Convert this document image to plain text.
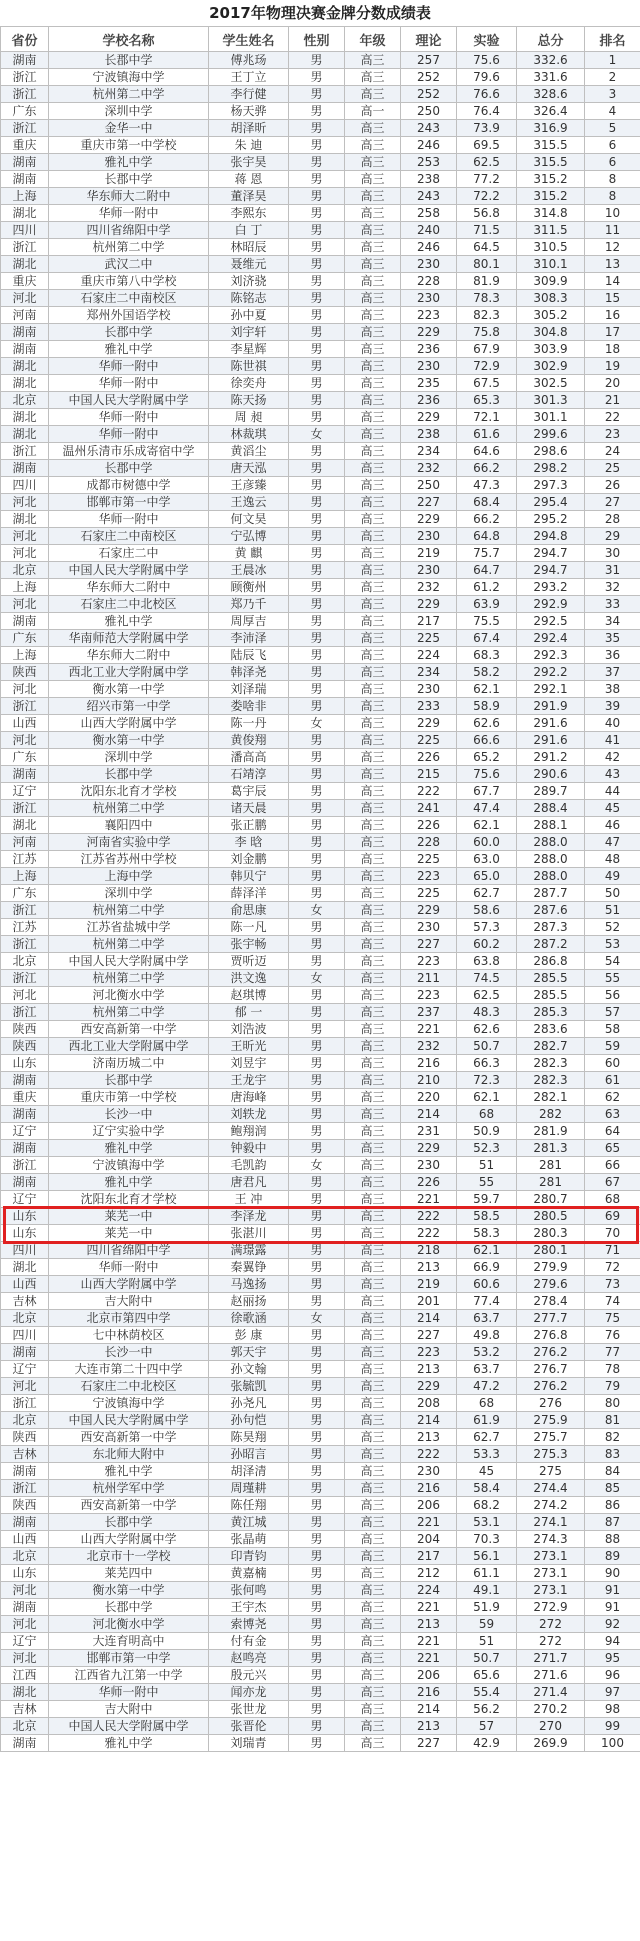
2017年物理决赛金牌分数成绩表
省份	学校名称	学生姓名	性别	年级	理论	实验	总分	排名
湖南	长郡中学	傅兆玚	男	高三	257	75.6	332.6	1
浙江	宁波镇海中学	王丁立	男	高三	252	79.6	331.6	2
浙江	杭州第二中学	李行健	男	高三	252	76.6	328.6	3
广东	深圳中学	杨天骅	男	高一	250	76.4	326.4	4
浙江	金华一中	胡泽昕	男	高三	243	73.9	316.9	5
重庆	重庆市第一中学校	朱 迪	男	高三	246	69.5	315.5	6
湖南	雅礼中学	张宇昊	男	高三	253	62.5	315.5	6
湖南	长郡中学	蒋 恩	男	高三	238	77.2	315.2	8
上海	华东师大二附中	董泽昊	男	高三	243	72.2	315.2	8
湖北	华师一附中	李熙东	男	高三	258	56.8	314.8	10
四川	四川省绵阳中学	白 丁	男	高三	240	71.5	311.5	11
浙江	杭州第二中学	林昭辰	男	高三	246	64.5	310.5	12
湖北	武汉二中	聂维元	男	高三	230	80.1	310.1	13
重庆	重庆市第八中学校	刘济骁	男	高三	228	81.9	309.9	14
河北	石家庄二中南校区	陈铭志	男	高三	230	78.3	308.3	15
河南	郑州外国语学校	孙中夏	男	高三	223	82.3	305.2	16
湖南	长郡中学	刘宇轩	男	高三	229	75.8	304.8	17
湖南	雅礼中学	李星辉	男	高三	236	67.9	303.9	18
湖北	华师一附中	陈世祺	男	高三	230	72.9	302.9	19
湖北	华师一附中	徐奕舟	男	高三	235	67.5	302.5	20
北京	中国人民大学附属中学	陈天扬	男	高三	236	65.3	301.3	21
湖北	华师一附中	周 昶	男	高三	229	72.1	301.1	22
湖北	华师一附中	林裁琪	女	高三	238	61.6	299.6	23
浙江	温州乐清市乐成寄宿中学	黄滔尘	男	高三	234	64.6	298.6	24
湖南	长郡中学	唐天泓	男	高三	232	66.2	298.2	25
四川	成都市树德中学	王彦臻	男	高三	250	47.3	297.3	26
河北	邯郸市第一中学	王逸云	男	高三	227	68.4	295.4	27
湖北	华师一附中	何文昊	男	高三	229	66.2	295.2	28
河北	石家庄二中南校区	宁弘博	男	高三	230	64.8	294.8	29
河北	石家庄二中	黄 麒	男	高三	219	75.7	294.7	30
北京	中国人民大学附属中学	王晨冰	男	高三	230	64.7	294.7	31
上海	华东师大二附中	顾衡州	男	高三	232	61.2	293.2	32
河北	石家庄二中北校区	郑乃千	男	高三	229	63.9	292.9	33
湖南	雅礼中学	周厚吉	男	高三	217	75.5	292.5	34
广东	华南师范大学附属中学	李沛泽	男	高三	225	67.4	292.4	35
上海	华东师大二附中	陆辰飞	男	高三	224	68.3	292.3	36
陕西	西北工业大学附属中学	韩泽尧	男	高三	234	58.2	292.2	37
河北	衡水第一中学	刘泽瑞	男	高三	230	62.1	292.1	38
浙江	绍兴市第一中学	娄啥非	男	高三	233	58.9	291.9	39
山西	山西大学附属中学	陈一丹	女	高三	229	62.6	291.6	40
河北	衡水第一中学	黄俊翔	男	高三	225	66.6	291.6	41
广东	深圳中学	潘高高	男	高三	226	65.2	291.2	42
湖南	长郡中学	石靖淳	男	高三	215	75.6	290.6	43
辽宁	沈阳东北育才学校	葛宇辰	男	高三	222	67.7	289.7	44
浙江	杭州第二中学	诸天晨	男	高三	241	47.4	288.4	45
湖北	襄阳四中	张正鹏	男	高三	226	62.1	288.1	46
河南	河南省实验中学	李 晗	男	高三	228	60.0	288.0	47
江苏	江苏省苏州中学校	刘金鹏	男	高三	225	63.0	288.0	48
上海	上海中学	韩贝宁	男	高三	223	65.0	288.0	49
广东	深圳中学	薛泽洋	男	高三	225	62.7	287.7	50
浙江	杭州第二中学	俞思康	女	高三	229	58.6	287.6	51
江苏	江苏省盐城中学	陈一凡	男	高三	230	57.3	287.3	52
浙江	杭州第二中学	张宇畅	男	高三	227	60.2	287.2	53
北京	中国人民大学附属中学	贾听迈	男	高三	223	63.8	286.8	54
浙江	杭州第二中学	洪文逸	女	高三	211	74.5	285.5	55
河北	河北衡水中学	赵琪博	男	高三	223	62.5	285.5	56
浙江	杭州第二中学	郁 一	男	高三	237	48.3	285.3	57
陕西	西安高新第一中学	刘浩波	男	高三	221	62.6	283.6	58
陕西	西北工业大学附属中学	王昕光	男	高三	232	50.7	282.7	59
山东	济南历城二中	刘昱宇	男	高三	216	66.3	282.3	60
湖南	长郡中学	王龙宇	男	高三	210	72.3	282.3	61
重庆	重庆市第一中学校	唐海峰	男	高三	220	62.1	282.1	62
湖南	长沙一中	刘轶龙	男	高三	214	68	282	63
辽宁	辽宁实验中学	鲍翔润	男	高三	231	50.9	281.9	64
湖南	雅礼中学	钟毅中	男	高三	229	52.3	281.3	65
浙江	宁波镇海中学	毛凯韵	女	高三	230	51	281	66
湖南	雅礼中学	唐君凡	男	高三	226	55	281	67
辽宁	沈阳东北育才学校	王 冲	男	高三	221	59.7	280.7	68
山东	莱芜一中	李泽龙	男	高三	222	58.5	280.5	69
山东	莱芜一中	张湛川	男	高三	222	58.3	280.3	70
四川	四川省绵阳中学	满璟露	男	高三	218	62.1	280.1	71
湖北	华师一附中	秦翼铮	男	高三	213	66.9	279.9	72
山西	山西大学附属中学	马逸扬	男	高三	219	60.6	279.6	73
吉林	吉大附中	赵丽扬	男	高三	201	77.4	278.4	74
北京	北京市第四中学	徐歌涵	女	高三	214	63.7	277.7	75
四川	七中林荫校区	彭 康	男	高三	227	49.8	276.8	76
湖南	长沙一中	郭天宇	男	高三	223	53.2	276.2	77
辽宁	大连市第二十四中学	孙文翰	男	高三	213	63.7	276.7	78
河北	石家庄二中北校区	张毓凯	男	高三	229	47.2	276.2	79
浙江	宁波镇海中学	孙尧凡	男	高三	208	68	276	80
北京	中国人民大学附属中学	孙句恺	男	高三	214	61.9	275.9	81
陕西	西安高新第一中学	陈昊翔	男	高三	213	62.7	275.7	82
吉林	东北师大附中	孙昭言	男	高三	222	53.3	275.3	83
湖南	雅礼中学	胡泽清	男	高三	230	45	275	84
浙江	杭州学军中学	周瑾耕	男	高三	216	58.4	274.4	85
陕西	西安高新第一中学	陈任翔	男	高三	206	68.2	274.2	86
湖南	长郡中学	黄江城	男	高三	221	53.1	274.1	87
山西	山西大学附属中学	张晶萌	男	高三	204	70.3	274.3	88
北京	北京市十一学校	印青钧	男	高三	217	56.1	273.1	89
山东	莱芜四中	黄嘉楠	男	高三	212	61.1	273.1	90
河北	衡水第一中学	张何鸣	男	高三	224	49.1	273.1	91
湖南	长郡中学	王宇杰	男	高三	221	51.9	272.9	91
河北	河北衡水中学	索博尧	男	高三	213	59	272	92
辽宁	大连育明高中	付有金	男	高三	221	51	272	94
河北	邯郸市第一中学	赵鸣亮	男	高三	221	50.7	271.7	95
江西	江西省九江第一中学	殷元兴	男	高三	206	65.6	271.6	96
湖北	华师一附中	闻亦龙	男	高三	216	55.4	271.4	97
吉林	吉大附中	张世龙	男	高三	214	56.2	270.2	98
北京	中国人民大学附属中学	张晋伦	男	高三	213	57	270	99
湖南	雅礼中学	刘瑞青	男	高三	227	42.9	269.9	100
